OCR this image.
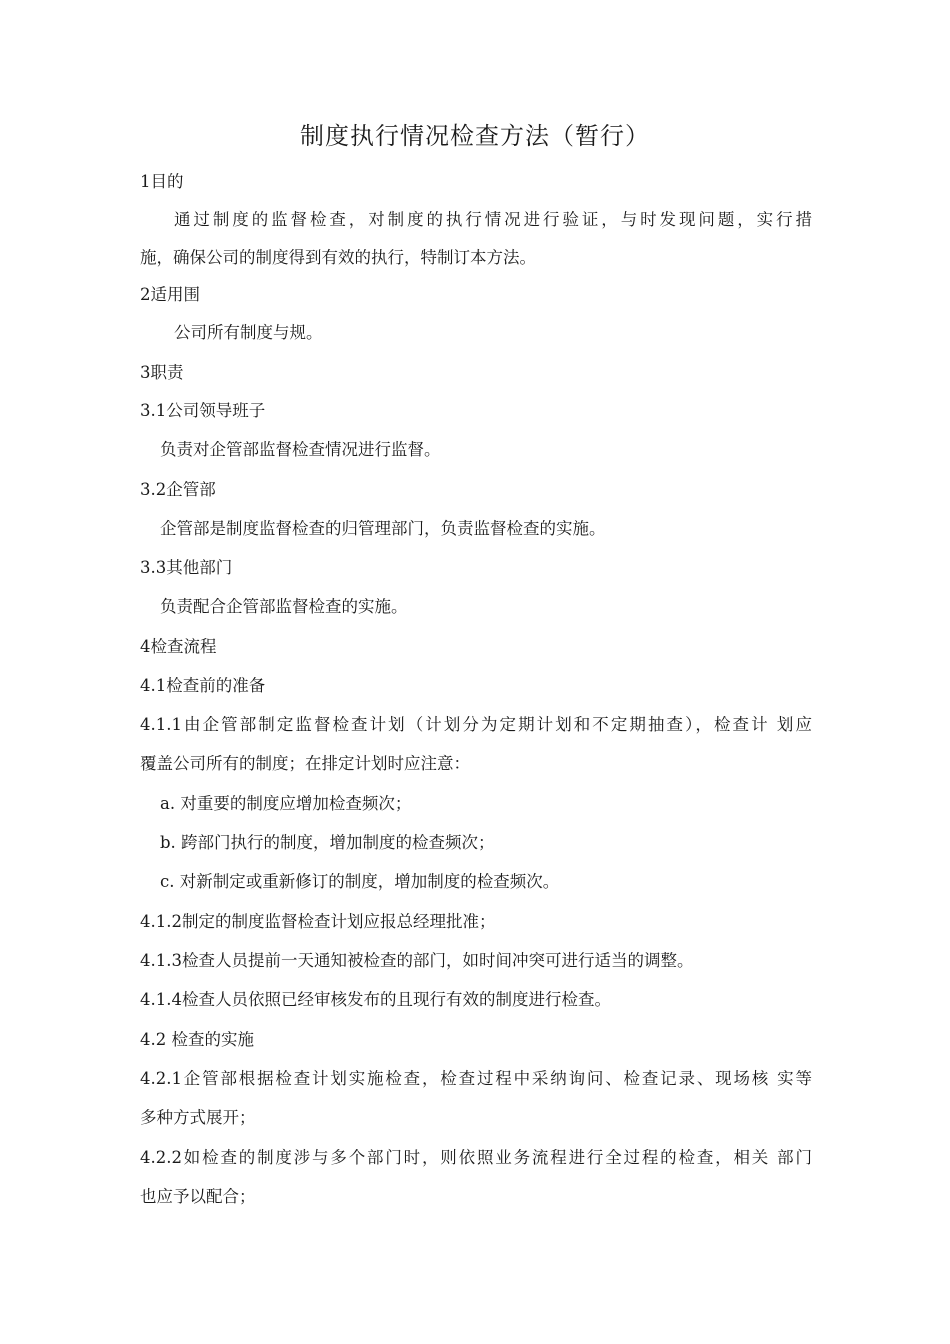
制度执行情况检查方法（暂行）
1目的
通过制度的监督检查，对制度的执行情况进行验证，与时发现问题，实行措
施，确保公司的制度得到有效的执行，特制订本方法。
2适用围
公司所有制度与规。
3职责
3.1公司领导班子
负责对企管部监督检查情况进行监督。
3.2企管部
企管部是制度监督检查的归管理部门，负责监督检查的实施。
3.3其他部门
负责配合企管部监督检查的实施。
4检查流程
4.1检查前的准备
4.1.1由企管部制定监督检查计划（计划分为定期计划和不定期抽查），检查计 划应
覆盖公司所有的制度；在排定计划时应注意：
a. 对重要的制度应增加检查频次；
b. 跨部门执行的制度，增加制度的检查频次；
c. 对新制定或重新修订的制度，增加制度的检查频次。
4.1.2制定的制度监督检查计划应报总经理批准；
4.1.3检查人员提前一天通知被检查的部门，如时间冲突可进行适当的调整。
4.1.4检查人员依照已经审核发布的且现行有效的制度进行检查。
4.2 检查的实施
4.2.1企管部根据检查计划实施检查，检查过程中采纳询问、检查记录、现场核 实等
多种方式展开；
4.2.2如检查的制度涉与多个部门时，则依照业务流程进行全过程的检查，相关 部门
也应予以配合；
